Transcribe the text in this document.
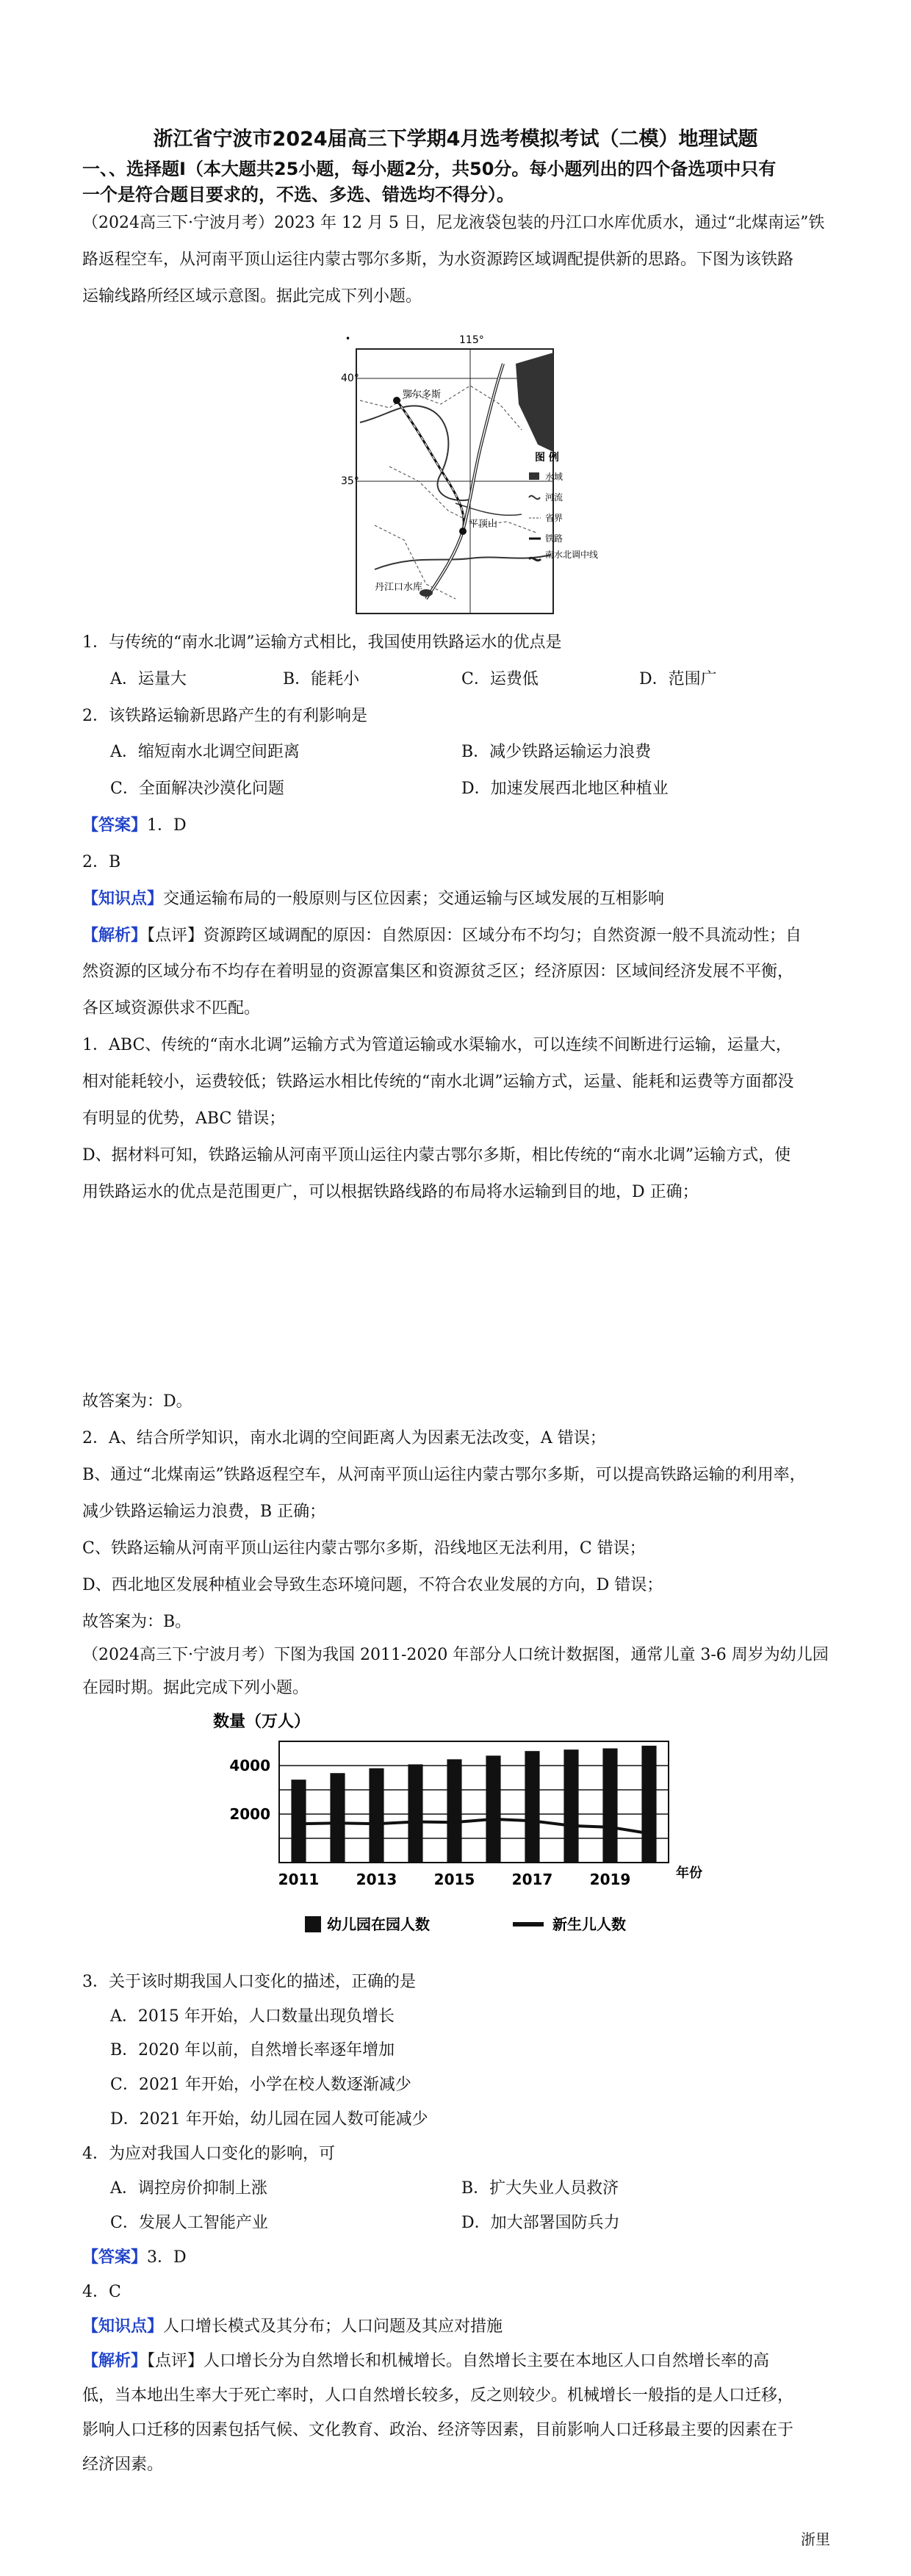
浙江省宁波市2024届高三下学期4月选考模拟考试（二模）地理试题
一、、选择题Ⅰ（本大题共25小题，每小题2分，共50分。每小题列出的四个备选项中只有
一个是符合题目要求的，不选、多选、错选均不得分）。
（2024高三下·宁波月考）2023 年 12 月 5 日，尼龙液袋包装的丹江口水库优质水，通过“北煤南运”铁
路返程空车，从河南平顶山运往内蒙古鄂尔多斯，为水资源跨区域调配提供新的思路。下图为该铁路
运输线路所经区域示意图。据此完成下列小题。
•	115°
40°
35°
鄂尔多斯
平顶山
丹江口水库
图 例
水域
河流
省界
铁路
南水北调中线
1．与传统的“南水北调”运输方式相比，我国使用铁路运水的优点是
A．运量大	B．能耗小	C．运费低	D．范围广
2．该铁路运输新思路产生的有利影响是
A．缩短南水北调空间距离	B．减少铁路运输运力浪费
C．全面解决沙漠化问题	D．加速发展西北地区种植业
【答案】1．D
2．B
【知识点】交通运输布局的一般原则与区位因素；交通运输与区域发展的互相影响
【解析】【点评】资源跨区域调配的原因：自然原因：区域分布不均匀；自然资源一般不具流动性；自
然资源的区域分布不均存在着明显的资源富集区和资源贫乏区；经济原因：区域间经济发展不平衡，
各区域资源供求不匹配。
1．ABC、传统的“南水北调”运输方式为管道运输或水渠输水，可以连续不间断进行运输，运量大，
相对能耗较小，运费较低；铁路运水相比传统的“南水北调”运输方式，运量、能耗和运费等方面都没
有明显的优势，ABC 错误；
D、据材料可知，铁路运输从河南平顶山运往内蒙古鄂尔多斯，相比传统的“南水北调”运输方式，使
用铁路运水的优点是范围更广，可以根据铁路线路的布局将水运输到目的地，D 正确；
故答案为：D。
2．A、结合所学知识，南水北调的空间距离人为因素无法改变，A 错误；
B、通过“北煤南运”铁路返程空车，从河南平顶山运往内蒙古鄂尔多斯，可以提高铁路运输的利用率，
减少铁路运输运力浪费，B 正确；
C、铁路运输从河南平顶山运往内蒙古鄂尔多斯，沿线地区无法利用，C 错误；
D、西北地区发展种植业会导致生态环境问题，不符合农业发展的方向，D 错误；
故答案为：B。
（2024高三下·宁波月考）下图为我国 2011-2020 年部分人口统计数据图，通常儿童 3-6 周岁为幼儿园
在园时期。据此完成下列小题。
数量（万人）
年份
2011	2013	2015	2017	2019
4000
2000
幼儿园在园人数	新生儿人数
3．关于该时期我国人口变化的描述，正确的是
A．2015 年开始，人口数量出现负增长
B．2020 年以前，自然增长率逐年增加
C．2021 年开始，小学在校人数逐渐减少
D．2021 年开始，幼儿园在园人数可能减少
4．为应对我国人口变化的影响，可
A．调控房价抑制上涨	B．扩大失业人员救济
C．发展人工智能产业	D．加大部署国防兵力
【答案】3．D
4．C
【知识点】人口增长模式及其分布；人口问题及其应对措施
【解析】【点评】人口增长分为自然增长和机械增长。自然增长主要在本地区人口自然增长率的高
低，当本地出生率大于死亡率时，人口自然增长较多，反之则较少。机械增长一般指的是人口迁移，
影响人口迁移的因素包括气候、文化教育、政治、经济等因素，目前影响人口迁移最主要的因素在于
经济因素。
浙里
